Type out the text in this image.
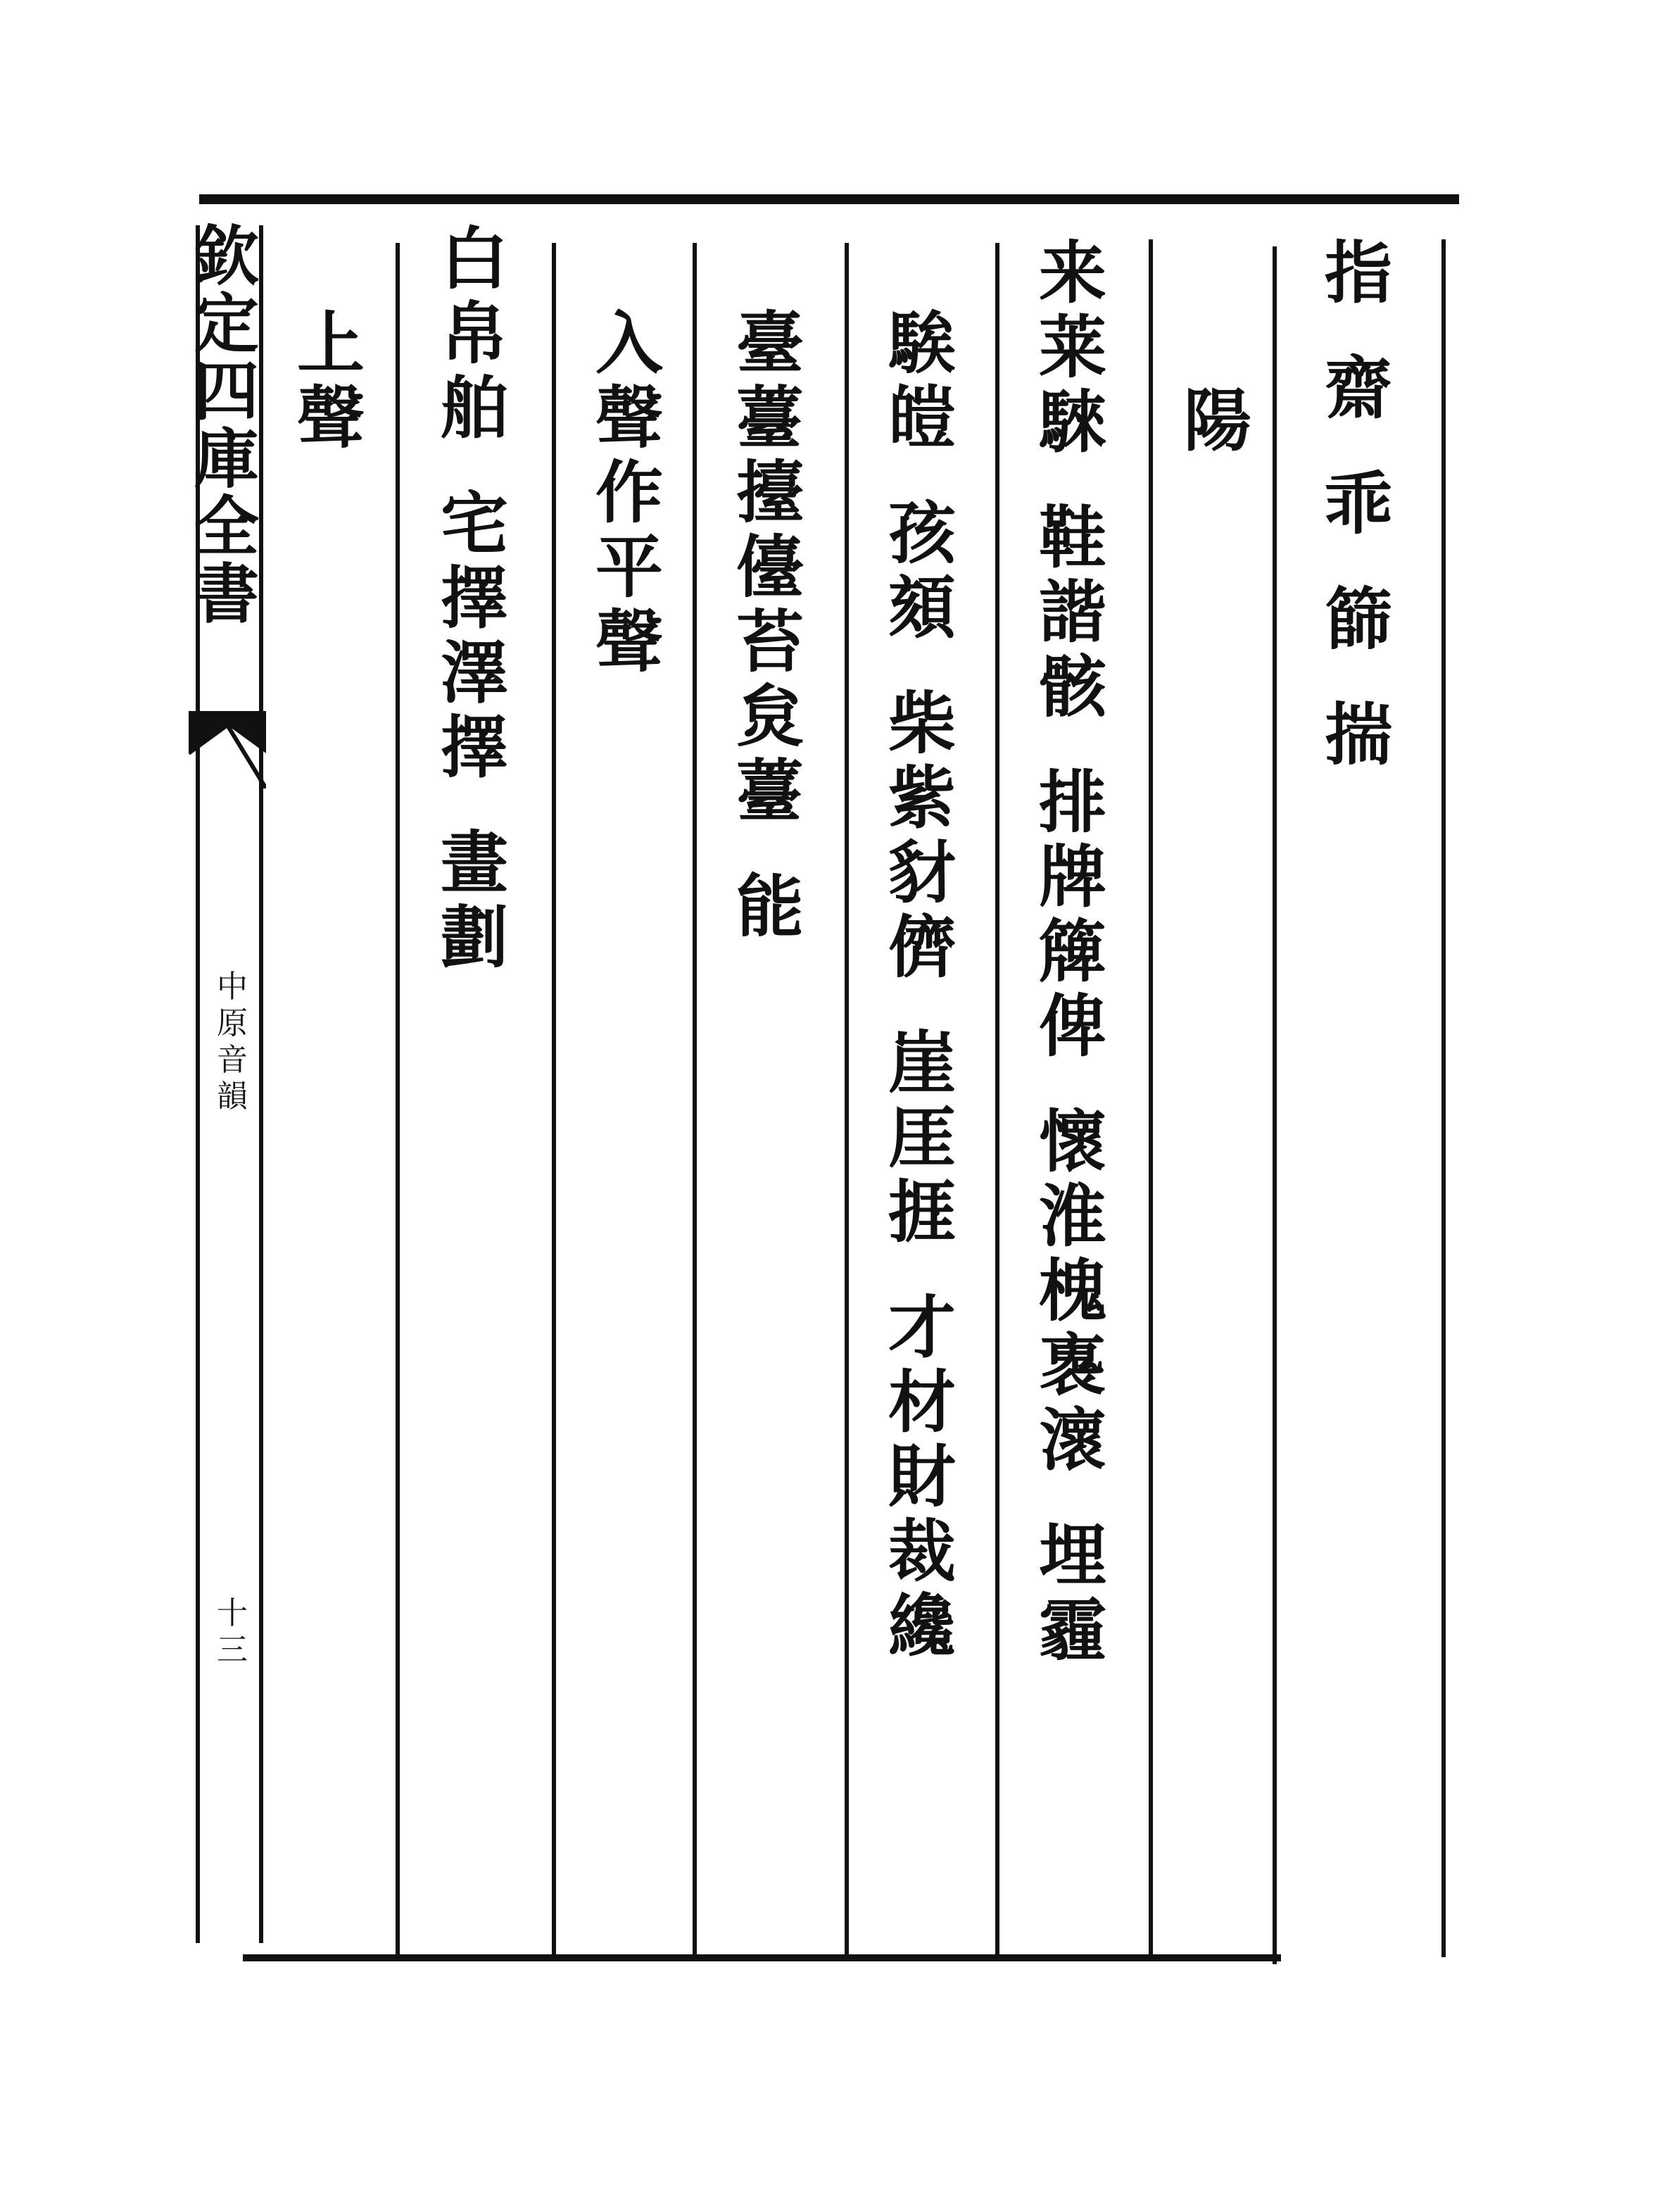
欽
定
四
庫
全
書
中
原
音
韻
十
三
指
齋
乖
篩
揣
陽
来
莱
騋
鞋
諧
骸
排
牌
簰
俾
懷
淮
槐
褢
瀤
埋
霾
騃
皚
孩
頦
柴
紫
豺
儕
崖
厓
捱
才
材
財
裁
纔
臺
薹
擡
儓
苔
炱
薹
能
入
聲
作
平
聲
白
帛
舶
宅
擇
澤
擇
畫
劃
上
聲
